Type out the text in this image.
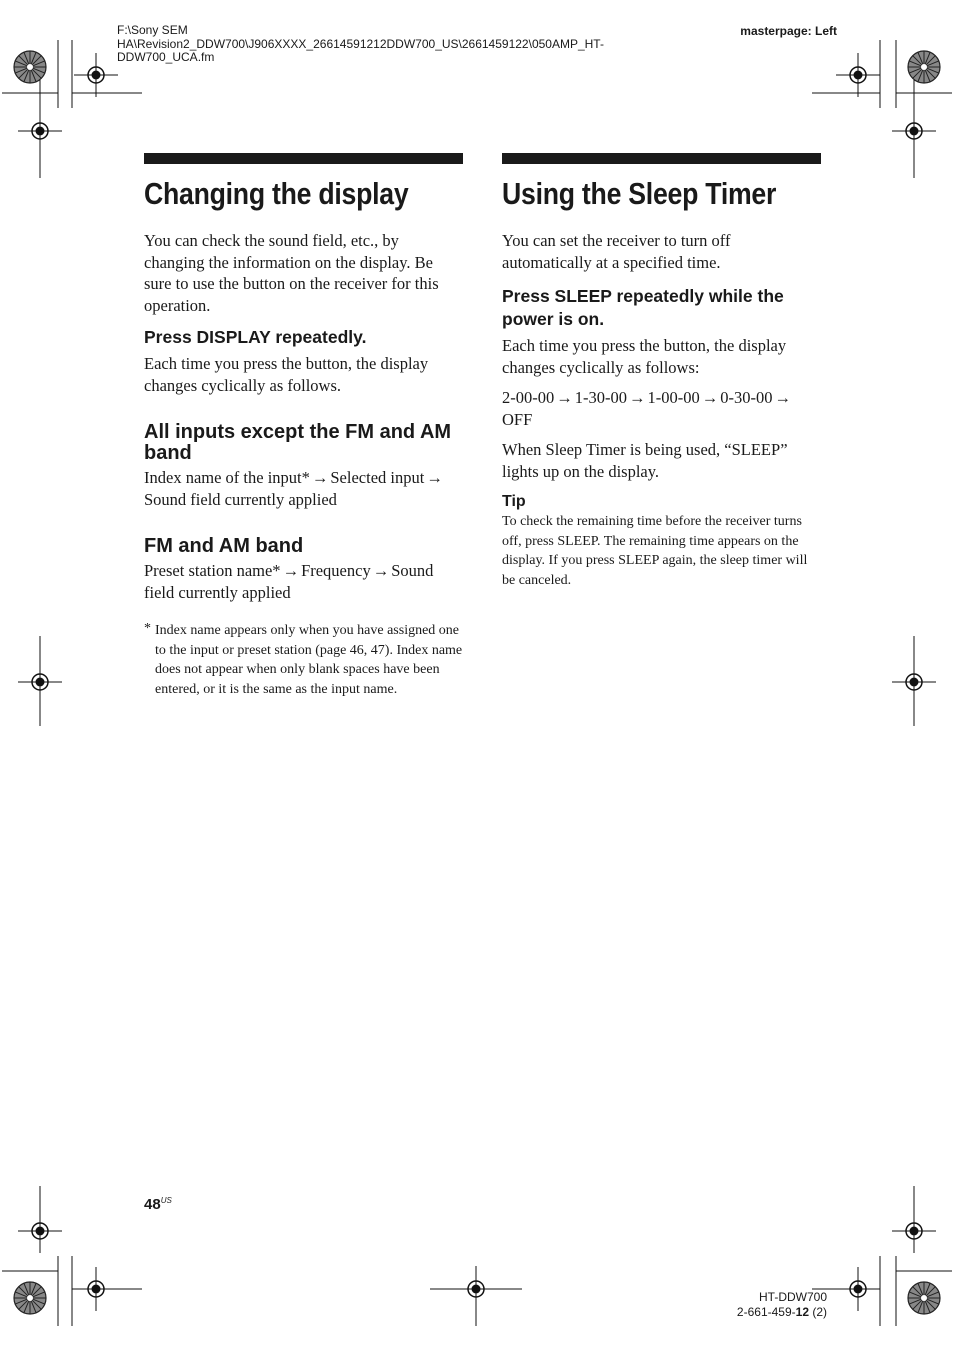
F:\Sony SEM HA\Revision2_DDW700\J906XXXX_26614591212DDW700_US\2661459122\050AMP_HT-DDW700_UCA.fm
masterpage: Left
Changing the display

You can check the sound field, etc., by changing the information on the display. Be sure to use the button on the receiver for this operation.

Press DISPLAY repeatedly.

Each time you press the button, the display changes cyclically as follows.

All inputs except the FM and AM band

Index name of the input* → Selected input →Sound field currently applied

FM and AM band

Preset station name* → Frequency → Sound field currently applied

* Index name appears only when you have assigned one to the input or preset station (page 46, 47). Index name does not appear when only blank spaces have been entered, or it is the same as the input name.

Using the Sleep Timer

You can set the receiver to turn off automatically at a specified time.

Press SLEEP repeatedly while the power is on.

Each time you press the button, the display changes cyclically as follows:

2-00-00 → 1-30-00 → 1-00-00 → 0-30-00 →OFF

When Sleep Timer is being used, “SLEEP” lights up on the display.

Tip

To check the remaining time before the receiver turns off, press SLEEP. The remaining time appears on the display. If you press SLEEP again, the sleep timer will be canceled.

$48^{US}$
HT-DDW700
2-661-459-12 (2)
